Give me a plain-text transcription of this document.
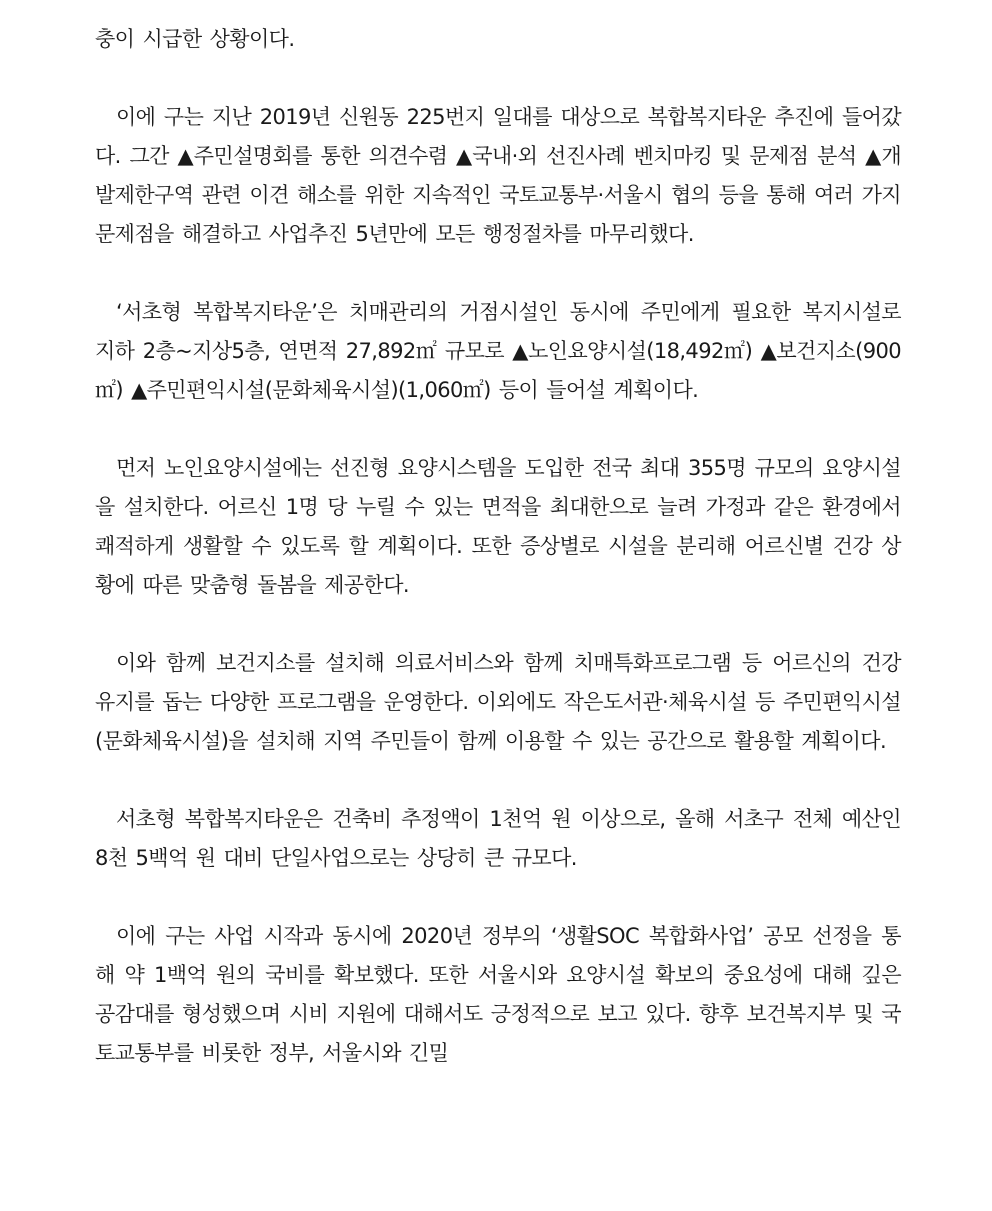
충이 시급한 상황이다.

이에 구는 지난 2019년 신원동 225번지 일대를 대상으로 복합복지타운 추진에 들어갔다. 그간 ▲주민설명회를 통한 의견수렴 ▲국내·외 선진사례 벤치마킹 및 문제점 분석 ▲개발제한구역 관련 이견 해소를 위한 지속적인 국토교통부·서울시 협의 등을 통해 여러 가지 문제점을 해결하고 사업추진 5년만에 모든 행정절차를 마무리했다.

‘서초형 복합복지타운’은 치매관리의 거점시설인 동시에 주민에게 필요한 복지시설로 지하 2층~지상5층, 연면적 27,892㎡ 규모로 ▲노인요양시설(18,492㎡) ▲보건지소(900㎡) ▲주민편익시설(문화체육시설)(1,060㎡) 등이 들어설 계획이다.

먼저 노인요양시설에는 선진형 요양시스템을 도입한 전국 최대 355명 규모의 요양시설을 설치한다. 어르신 1명 당 누릴 수 있는 면적을 최대한으로 늘려 가정과 같은 환경에서 쾌적하게 생활할 수 있도록 할 계획이다. 또한 증상별로 시설을 분리해 어르신별 건강 상황에 따른 맞춤형 돌봄을 제공한다.

이와 함께 보건지소를 설치해 의료서비스와 함께 치매특화프로그램 등 어르신의 건강 유지를 돕는 다양한 프로그램을 운영한다. 이외에도 작은도서관·체육시설 등 주민편익시설(문화체육시설)을 설치해 지역 주민들이 함께 이용할 수 있는 공간으로 활용할 계획이다.

서초형 복합복지타운은 건축비 추정액이 1천억 원 이상으로, 올해 서초구 전체 예산인 8천 5백억 원 대비 단일사업으로는 상당히 큰 규모다.

이에 구는 사업 시작과 동시에 2020년 정부의 ‘생활SOC 복합화사업’ 공모 선정을 통해 약 1백억 원의 국비를 확보했다. 또한 서울시와 요양시설 확보의 중요성에 대해 깊은 공감대를 형성했으며 시비 지원에 대해서도 긍정적으로 보고 있다. 향후 보건복지부 및 국토교통부를 비롯한 정부, 서울시와 긴밀
